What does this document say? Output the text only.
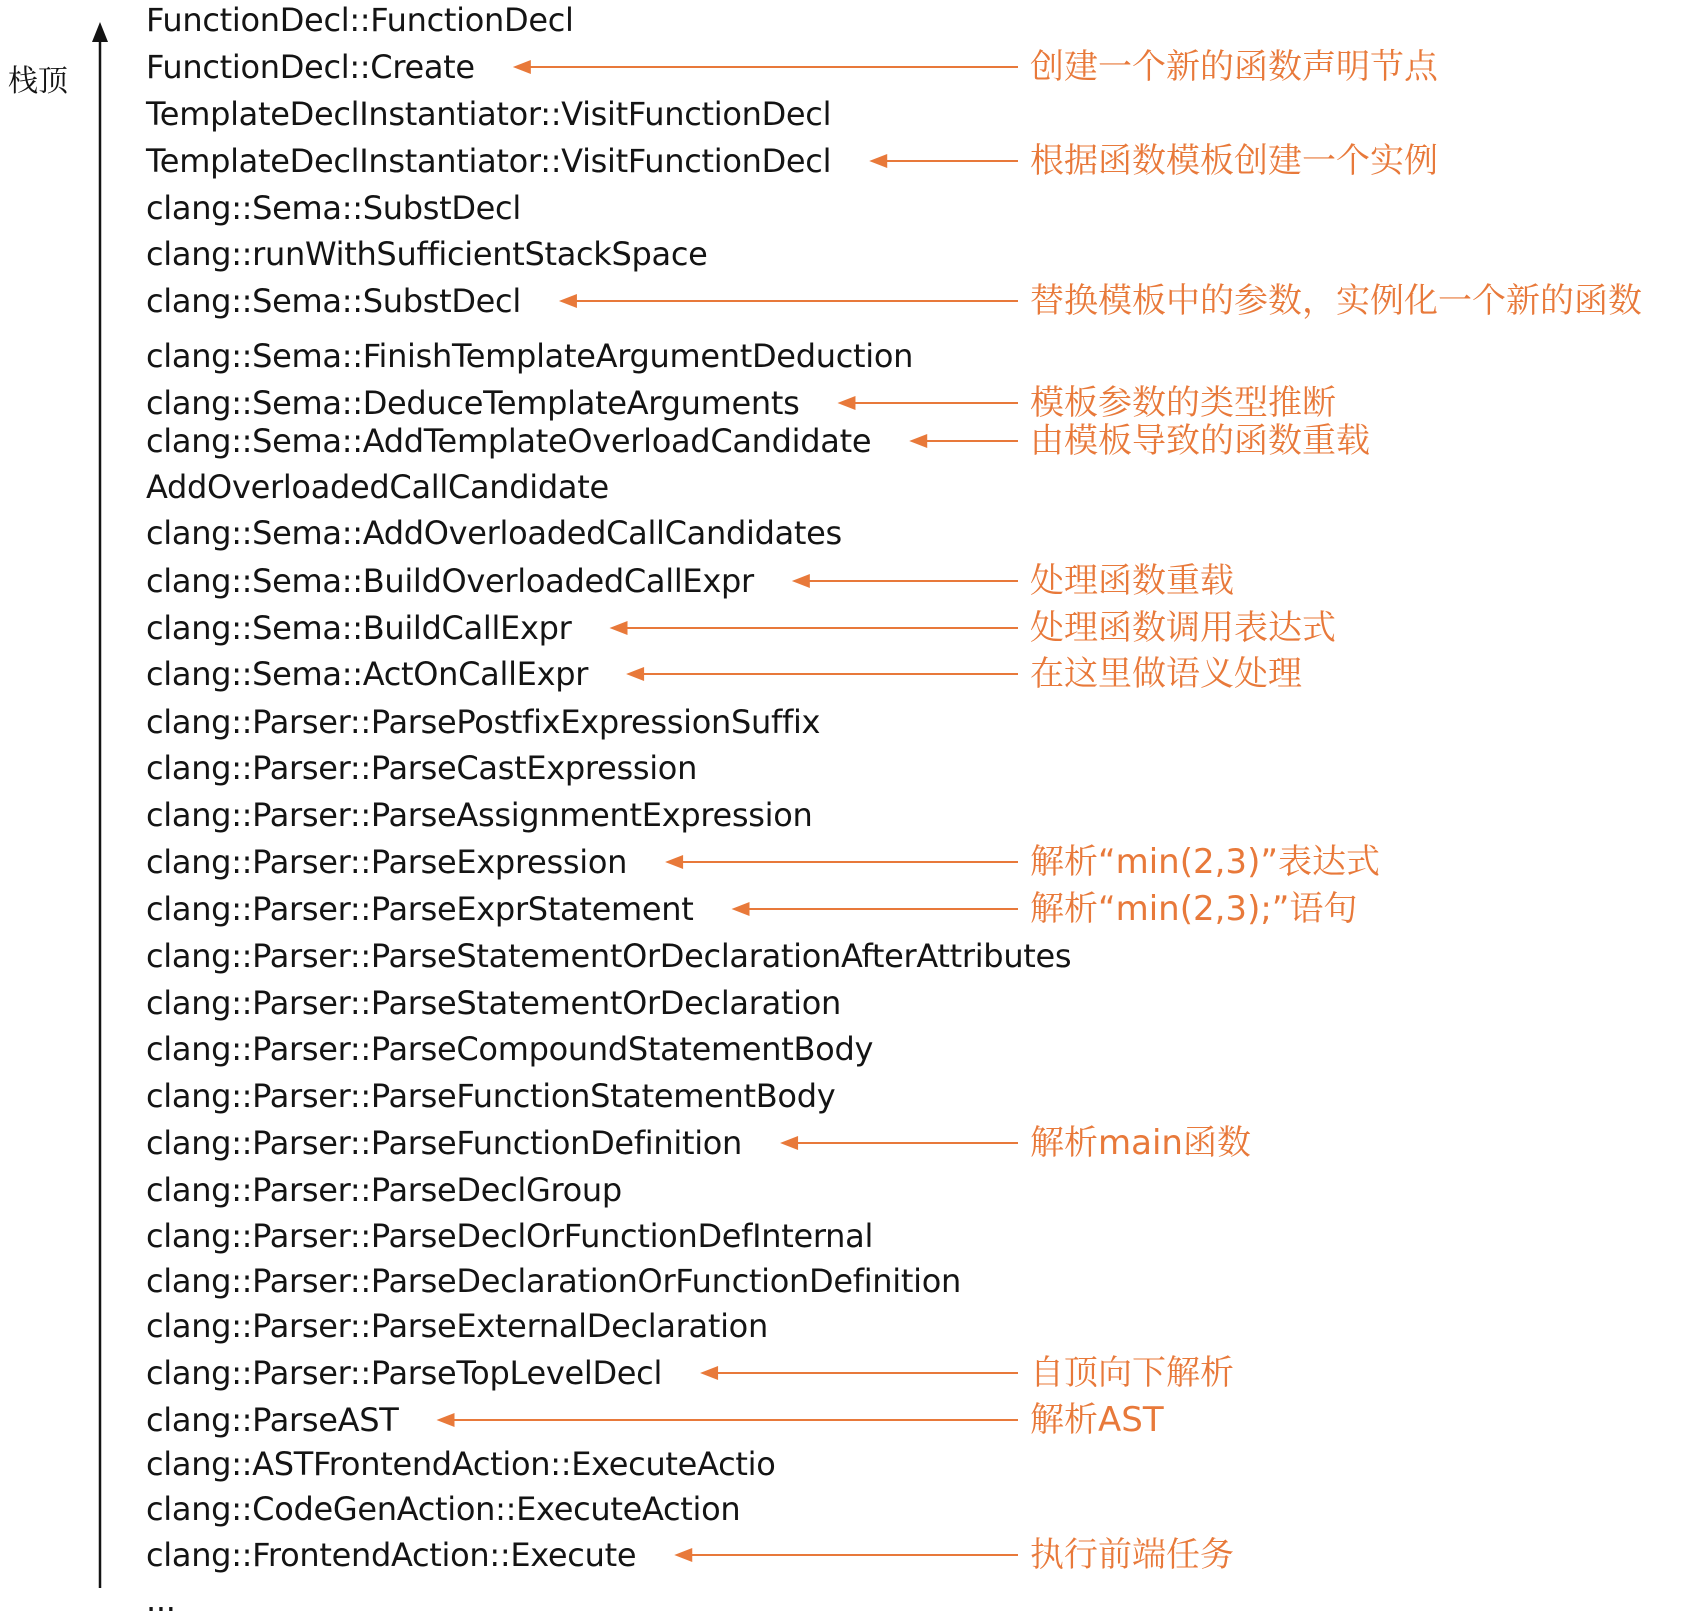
栈顶
FunctionDecl::FunctionDecl
FunctionDecl::Create	创建一个新的函数声明节点
TemplateDeclInstantiator::VisitFunctionDecl
TemplateDeclInstantiator::VisitFunctionDecl	根据函数模板创建一个实例
clang::Sema::SubstDecl
clang::runWithSufficientStackSpace
clang::Sema::SubstDecl	替换模板中的参数，实例化一个新的函数
clang::Sema::FinishTemplateArgumentDeduction
clang::Sema::DeduceTemplateArguments	模板参数的类型推断
clang::Sema::AddTemplateOverloadCandidate	由模板导致的函数重载
AddOverloadedCallCandidate
clang::Sema::AddOverloadedCallCandidates
clang::Sema::BuildOverloadedCallExpr	处理函数重载
clang::Sema::BuildCallExpr	处理函数调用表达式
clang::Sema::ActOnCallExpr	在这里做语义处理
clang::Parser::ParsePostfixExpressionSuffix
clang::Parser::ParseCastExpression
clang::Parser::ParseAssignmentExpression
clang::Parser::ParseExpression	解析“min(2,3)”表达式
clang::Parser::ParseExprStatement	解析“min(2,3);”语句
clang::Parser::ParseStatementOrDeclarationAfterAttributes
clang::Parser::ParseStatementOrDeclaration
clang::Parser::ParseCompoundStatementBody
clang::Parser::ParseFunctionStatementBody
clang::Parser::ParseFunctionDefinition	解析main函数
clang::Parser::ParseDeclGroup
clang::Parser::ParseDeclOrFunctionDefInternal
clang::Parser::ParseDeclarationOrFunctionDefinition
clang::Parser::ParseExternalDeclaration
clang::Parser::ParseTopLevelDecl	自顶向下解析
clang::ParseAST	解析AST
clang::ASTFrontendAction::ExecuteActio
clang::CodeGenAction::ExecuteAction
clang::FrontendAction::Execute	执行前端任务
...
